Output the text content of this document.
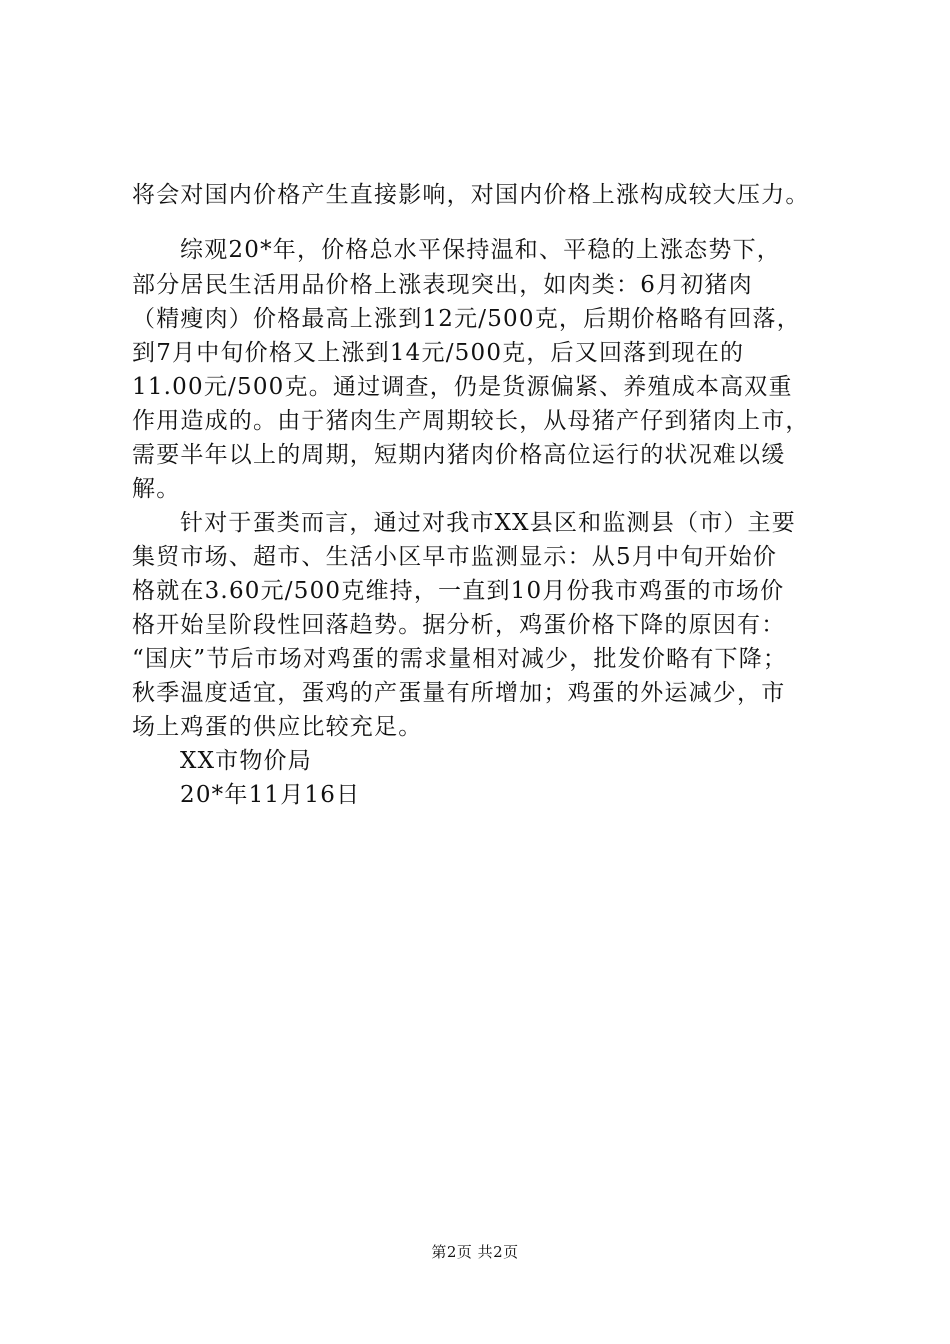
将会对国内价格产生直接影响，对国内价格上涨构成较大压力。
综观20*年，价格总水平保持温和、平稳的上涨态势下，
部分居民生活用品价格上涨表现突出，如肉类：6月初猪肉
（精瘦肉）价格最高上涨到12元/500克，后期价格略有回落，
到7月中旬价格又上涨到14元/500克，后又回落到现在的
11.00元/500克。通过调查，仍是货源偏紧、养殖成本高双重
作用造成的。由于猪肉生产周期较长，从母猪产仔到猪肉上市，
需要半年以上的周期，短期内猪肉价格高位运行的状况难以缓
解。
针对于蛋类而言，通过对我市XX县区和监测县（市）主要
集贸市场、超市、生活小区早市监测显示：从5月中旬开始价
格就在3.60元/500克维持，一直到10月份我市鸡蛋的市场价
格开始呈阶段性回落趋势。据分析，鸡蛋价格下降的原因有：
“国庆”节后市场对鸡蛋的需求量相对减少，批发价略有下降；
秋季温度适宜，蛋鸡的产蛋量有所增加；鸡蛋的外运减少，市
场上鸡蛋的供应比较充足。
XX市物价局
20*年11月16日
第2页 共2页
